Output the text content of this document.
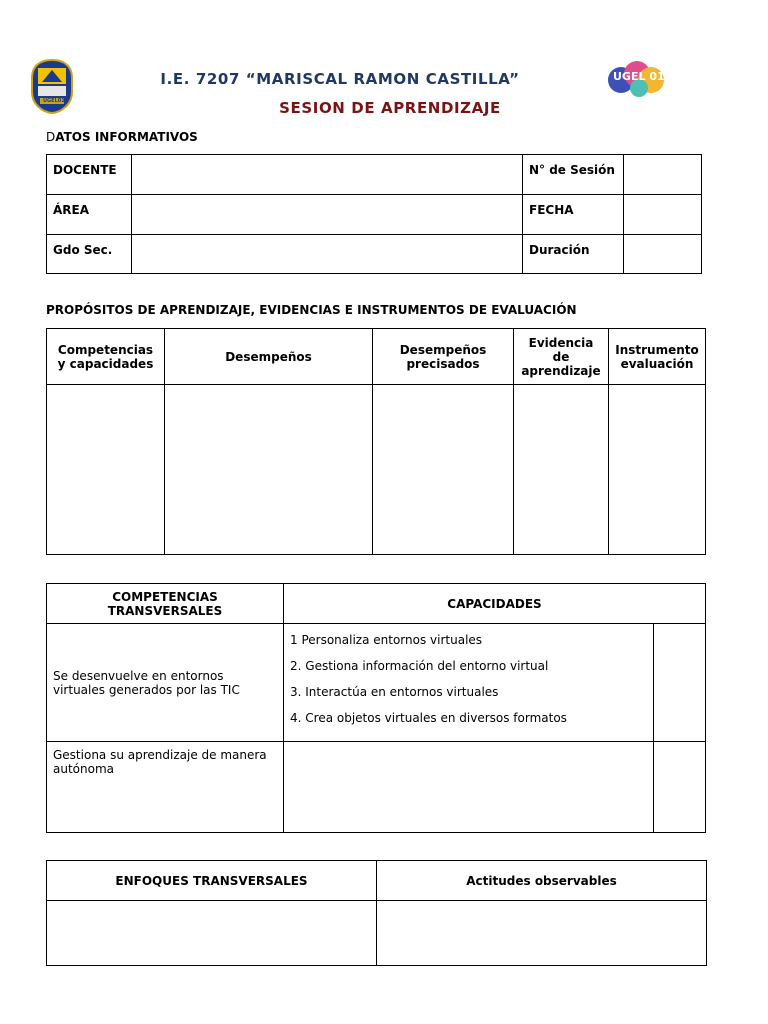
UGEL01
UGEL 01
I.E. 7207 “MARISCAL RAMON CASTILLA”
SESION DE APRENDIZAJE
DATOS INFORMATIVOS
DOCENTE		N° de Sesión	
ÁREA		FECHA	
Gdo Sec.		Duración	
PROPÓSITOS DE APRENDIZAJE, EVIDENCIAS E INSTRUMENTOS DE EVALUACIÓN
Competencias y capacidades	Desempeños	Desempeños precisados	Evidencia de aprendizaje	Instrumento evaluación

COMPETENCIAS TRANSVERSALES	CAPACIDADES	
Se desenvuelve en entornos virtuales generados por las TIC	1 Personaliza entornos virtuales
2. Gestiona información del entorno virtual
3. Interactúa en entornos virtuales
4. Crea objetos virtuales en diversos formatos	

Gestiona su aprendizaje de manera autónoma		
ENFOQUES TRANSVERSALES	Actitudes observables
